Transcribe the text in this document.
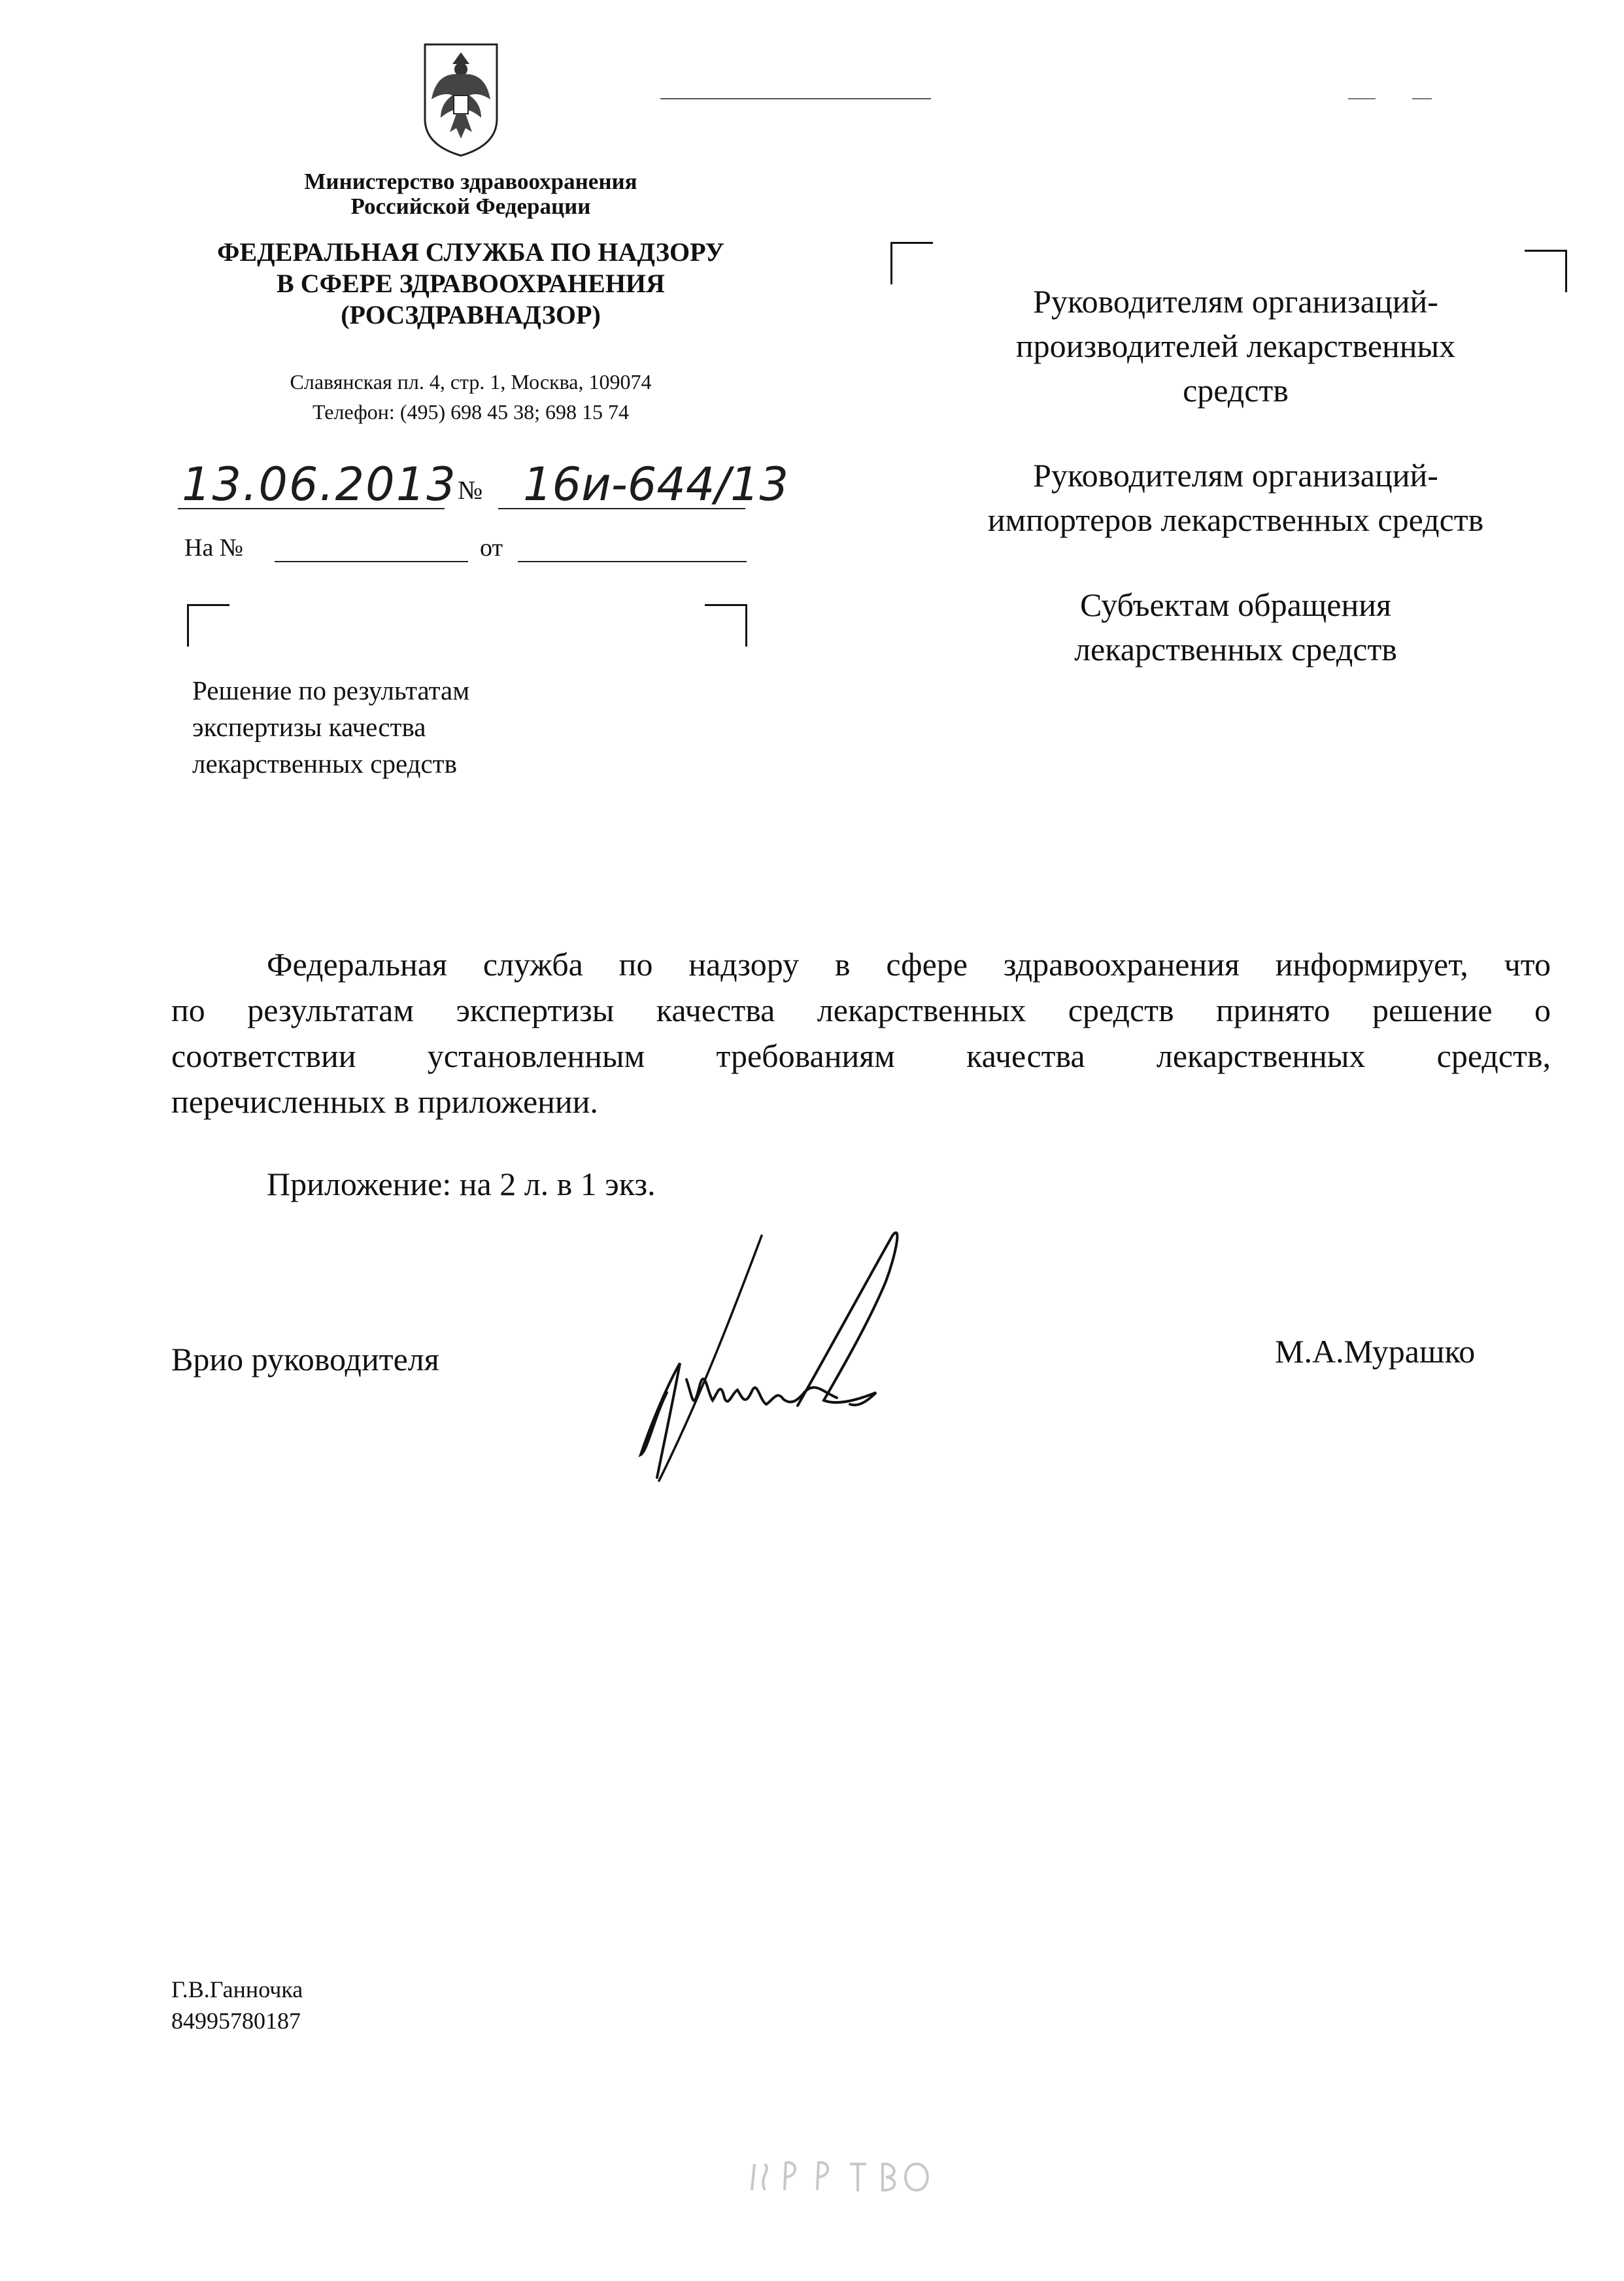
Министерство здравоохранения
Российской Федерации
ФЕДЕРАЛЬНАЯ СЛУЖБА ПО НАДЗОРУ
В СФЕРЕ ЗДРАВООХРАНЕНИЯ
(РОСЗДРАВНАДЗОР)
Славянская пл. 4, стр. 1, Москва, 109074
Телефон: (495) 698 45 38; 698 15 74
13.06.2013 № 16и-644/13
На №	от
Решение по результатам
экспертизы качества
лекарственных средств
Руководителям организаций-
производителей лекарственных
средств
Руководителям организаций-
импортеров лекарственных средств
Субъектам обращения
лекарственных средств
Федеральная служба по надзору в сфере здравоохранения информирует, что
по результатам экспертизы качества лекарственных средств принято решение о
соответствии установленным требованиям качества лекарственных средств,
перечисленных в приложении.
Приложение: на 2 л. в 1 экз.
Врио руководителя	М.А.Мурашко
Г.В.Ганночка
84995780187
